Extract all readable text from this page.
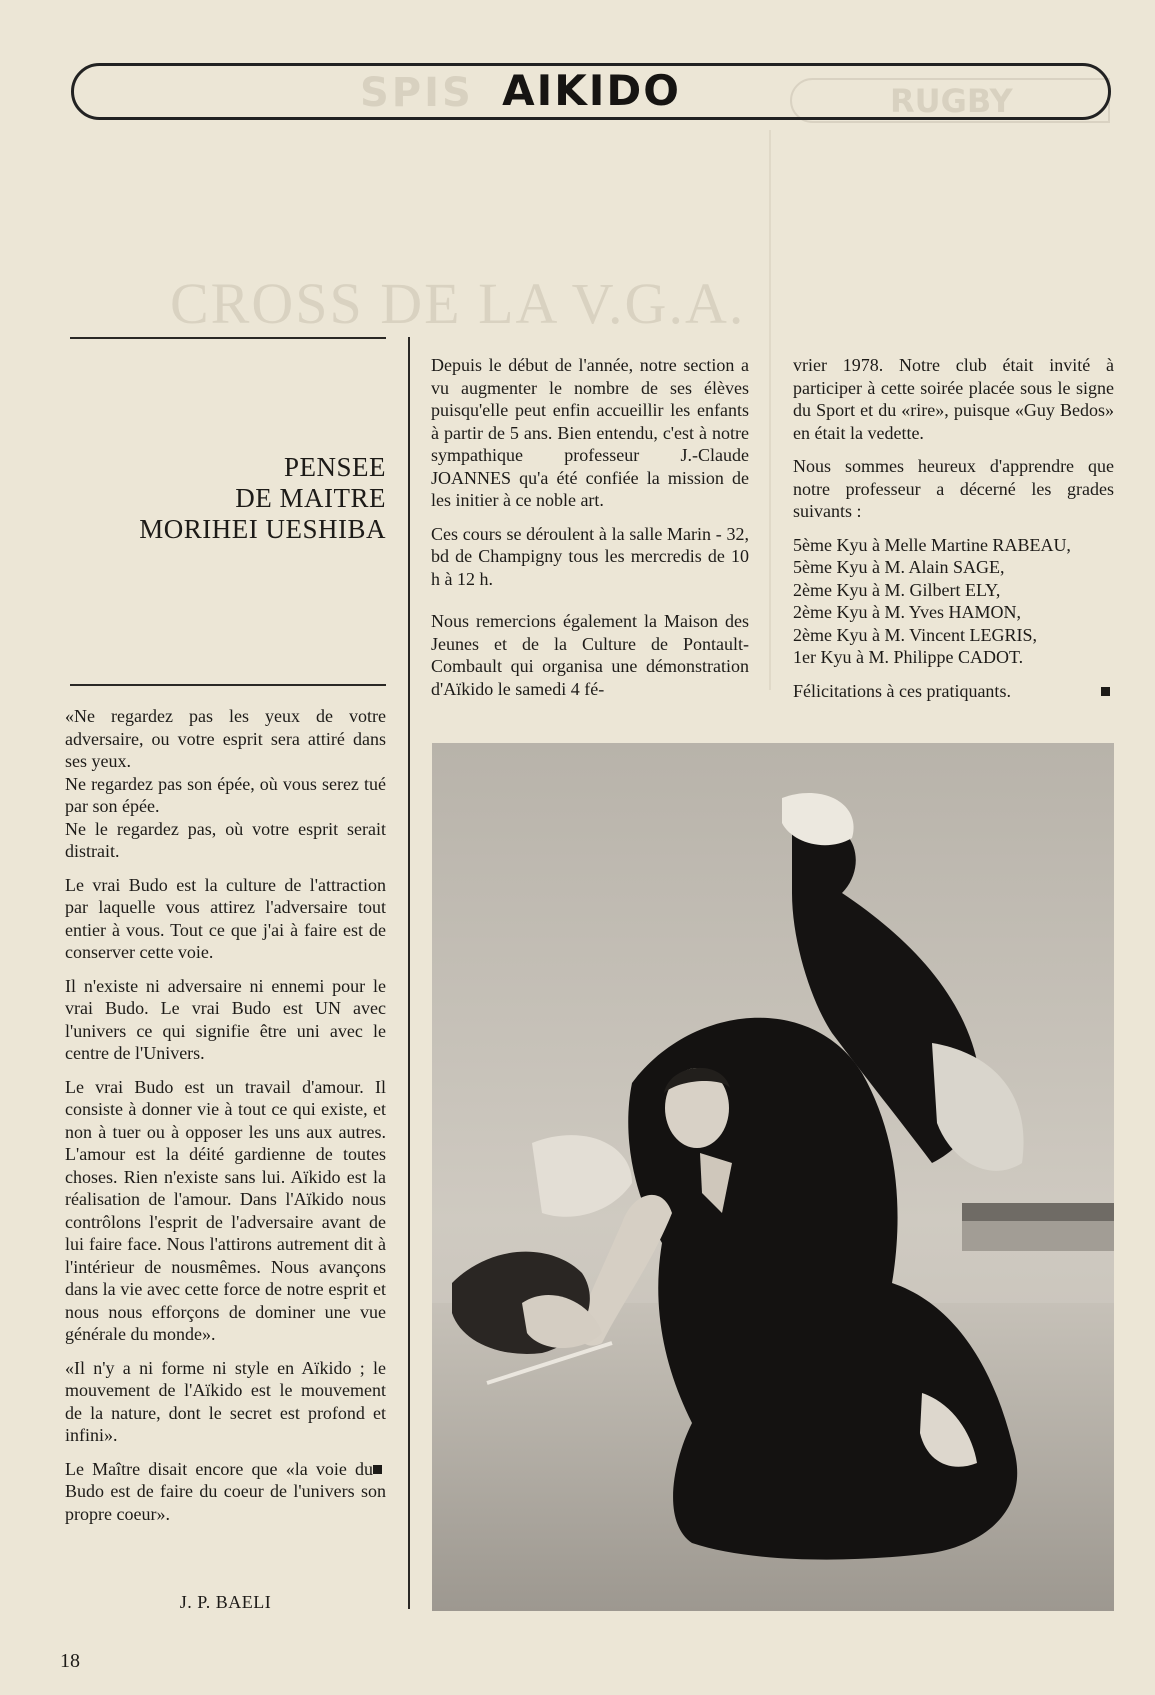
SPIS	RUGBY
AIKIDO
CROSS DE LA V.G.A.
PENSEE
DE MAITRE
MORIHEI UESHIBA

«Ne regardez pas les yeux de votre adversaire, ou votre esprit sera attiré dans ses yeux.

Ne regardez pas son épée, où vous serez tué par son épée.

Ne le regardez pas, où votre esprit serait distrait.

Le vrai Budo est la culture de l'attraction par laquelle vous attirez l'adversaire tout entier à vous. Tout ce que j'ai à faire est de conserver cette voie.

Il n'existe ni adversaire ni ennemi pour le vrai Budo. Le vrai Budo est UN avec l'univers ce qui signifie être uni avec le centre de l'Univers.

Le vrai Budo est un travail d'amour. Il consiste à donner vie à tout ce qui existe, et non à tuer ou à opposer les uns aux autres. L'amour est la déité gardienne de toutes choses. Rien n'existe sans lui. Aïkido est la réalisation de l'amour. Dans l'Aïkido nous contrôlons l'esprit de l'adversaire avant de lui faire face. Nous l'attirons autrement dit à l'intérieur de nousmêmes. Nous avançons dans la vie avec cette force de notre esprit et nous nous efforçons de dominer une vue générale du monde».

«Il n'y a ni forme ni style en Aïkido ; le mouvement de l'Aïkido est le mouvement de la nature, dont le secret est profond et infini».

Le Maître disait encore que «la voie du Budo est de faire du coeur de l'univers son propre coeur».

J. P. BAELI

Depuis le début de l'année, notre section a vu augmenter le nombre de ses élèves puisqu'elle peut enfin accueillir les enfants à partir de 5 ans. Bien entendu, c'est à notre sympathique professeur J.-Claude JOANNES qu'a été confiée la mission de les initier à ce noble art.

Ces cours se déroulent à la salle Marin - 32, bd de Champigny tous les mercredis de 10 h à 12 h.

Nous remercions également la Maison des Jeunes et de la Culture de Pontault-Combault qui organisa une démonstration d'Aïkido le samedi 4 fé-

vrier 1978. Notre club était invité à participer à cette soirée placée sous le signe du Sport et du «rire», puisque «Guy Bedos» en était la vedette.

Nous sommes heureux d'apprendre que notre professeur a décerné les grades suivants :

5ème Kyu à Melle Martine RABEAU,
5ème Kyu à M. Alain SAGE,
2ème Kyu à M. Gilbert ELY,
2ème Kyu à M. Yves HAMON,
2ème Kyu à M. Vincent LEGRIS,
1er Kyu à M. Philippe CADOT.

Félicitations à ces pratiquants.

18
